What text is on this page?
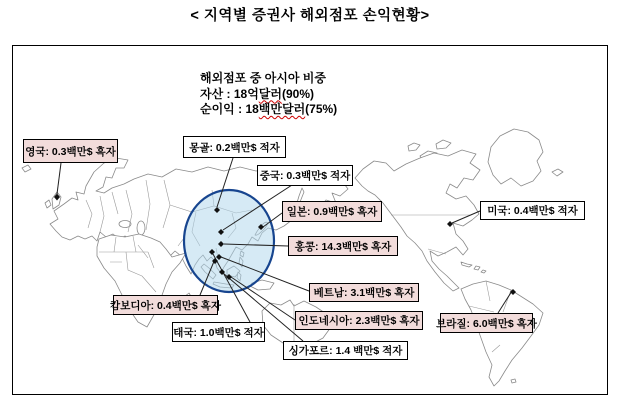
< 지역별 증권사 해외점포 손익현황>
해외점포 중 아시아 비중
자산 : 18억달러(90%)
순이익 : 18백만달러(75%)
영국: 0.3백만$ 흑자	몽골: 0.2백만$ 적자
중국: 0.3백만$ 적자
일본: 0.9백만$ 흑자
홍콩: 14.3백만$ 흑자
미국: 0.4백만$ 적자
캄보디아: 0.4백만$ 흑자
태국: 1.0백만$ 적자
베트남: 3.1백만$ 흑자
인도네시아: 2.3백만$ 흑자
싱가포르: 1.4 백만$ 적자
브라질: 6.0백만$ 흑자
